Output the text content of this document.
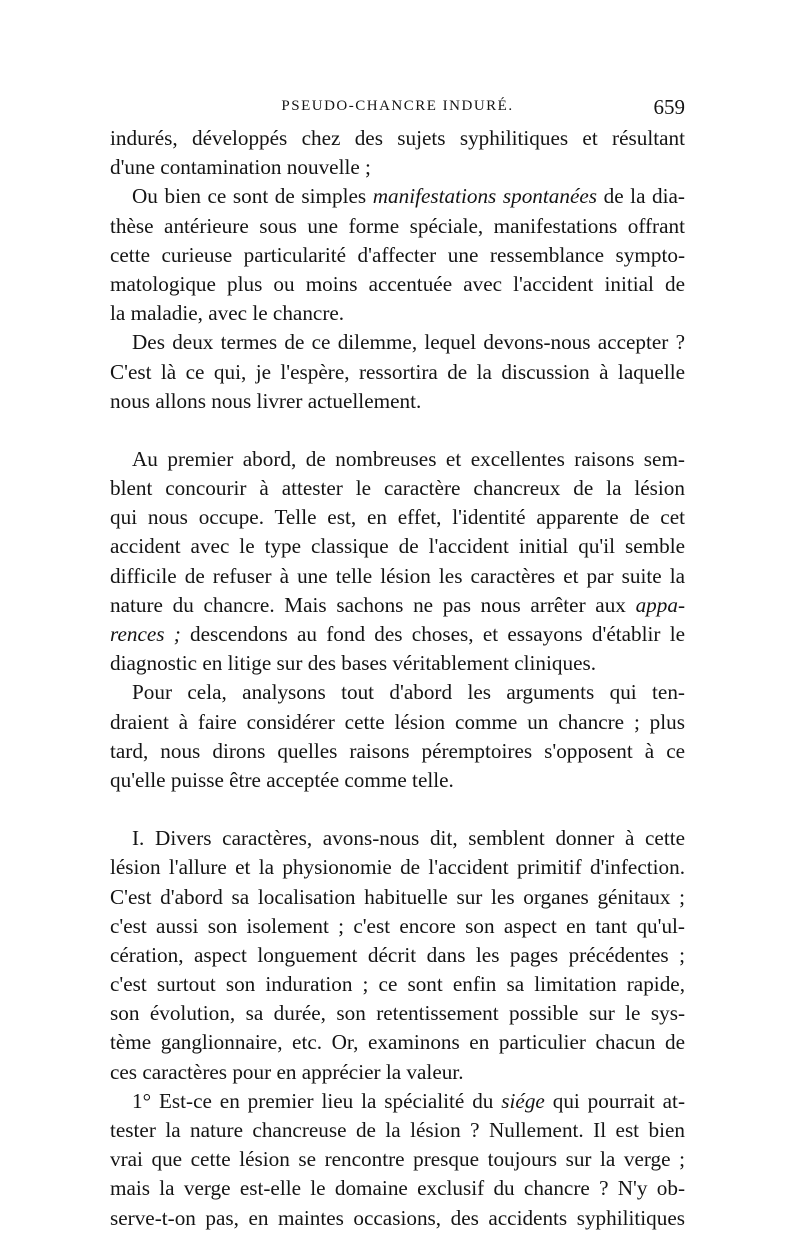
PSEUDO-CHANCRE INDURÉ.	659
indurés, développés chez des sujets syphilitiques et résultant
d'une contamination nouvelle ;
Ou bien ce sont de simples manifestations spontanées de la dia-
thèse antérieure sous une forme spéciale, manifestations offrant
cette curieuse particularité d'affecter une ressemblance sympto-
matologique plus ou moins accentuée avec l'accident initial de
la maladie, avec le chancre.
Des deux termes de ce dilemme, lequel devons-nous accepter ?
C'est là ce qui, je l'espère, ressortira de la discussion à laquelle
nous allons nous livrer actuellement.
Au premier abord, de nombreuses et excellentes raisons sem-
blent concourir à attester le caractère chancreux de la lésion
qui nous occupe. Telle est, en effet, l'identité apparente de cet
accident avec le type classique de l'accident initial qu'il semble
difficile de refuser à une telle lésion les caractères et par suite la
nature du chancre. Mais sachons ne pas nous arrêter aux appa-
rences ; descendons au fond des choses, et essayons d'établir le
diagnostic en litige sur des bases véritablement cliniques.
Pour cela, analysons tout d'abord les arguments qui ten-
draient à faire considérer cette lésion comme un chancre ; plus
tard, nous dirons quelles raisons péremptoires s'opposent à ce
qu'elle puisse être acceptée comme telle.
I. Divers caractères, avons-nous dit, semblent donner à cette
lésion l'allure et la physionomie de l'accident primitif d'infection.
C'est d'abord sa localisation habituelle sur les organes génitaux ;
c'est aussi son isolement ; c'est encore son aspect en tant qu'ul-
cération, aspect longuement décrit dans les pages précédentes ;
c'est surtout son induration ; ce sont enfin sa limitation rapide,
son évolution, sa durée, son retentissement possible sur le sys-
tème ganglionnaire, etc. Or, examinons en particulier chacun de
ces caractères pour en apprécier la valeur.
1° Est-ce en premier lieu la spécialité du siége qui pourrait at-
tester la nature chancreuse de la lésion ? Nullement. Il est bien
vrai que cette lésion se rencontre presque toujours sur la verge ;
mais la verge est-elle le domaine exclusif du chancre ? N'y ob-
serve-t-on pas, en maintes occasions, des accidents syphilitiques
